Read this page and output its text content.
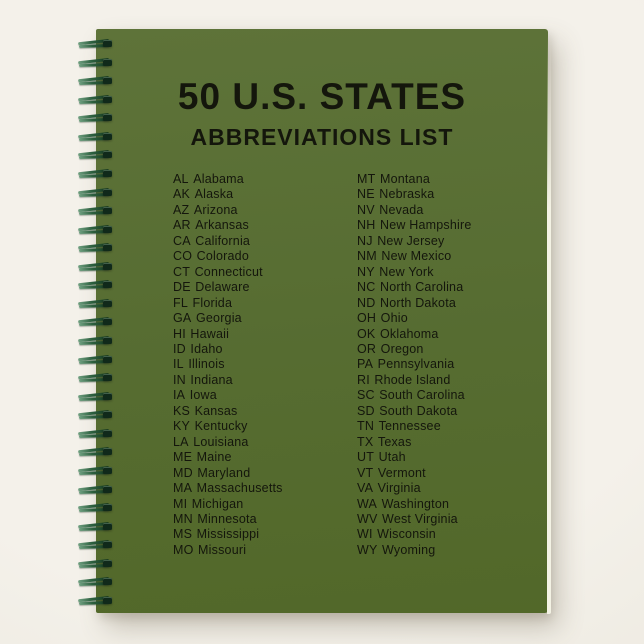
50 U.S. STATES
ABBREVIATIONS LIST
AL Alabama
AK Alaska
AZ Arizona
AR Arkansas
CA California
CO Colorado
CT Connecticut
DE Delaware
FL Florida
GA Georgia
HI Hawaii
ID Idaho
IL Illinois
IN Indiana
IA Iowa
KS Kansas
KY Kentucky
LA Louisiana
ME Maine
MD Maryland
MA Massachusetts
MI Michigan
MN Minnesota
MS Mississippi
MO Missouri
MT Montana
NE Nebraska
NV Nevada
NH New Hampshire
NJ New Jersey
NM New Mexico
NY New York
NC North Carolina
ND North Dakota
OH Ohio
OK Oklahoma
OR Oregon
PA Pennsylvania
RI Rhode Island
SC South Carolina
SD South Dakota
TN Tennessee
TX Texas
UT Utah
VT Vermont
VA Virginia
WA Washington
WV West Virginia
WI Wisconsin
WY Wyoming
